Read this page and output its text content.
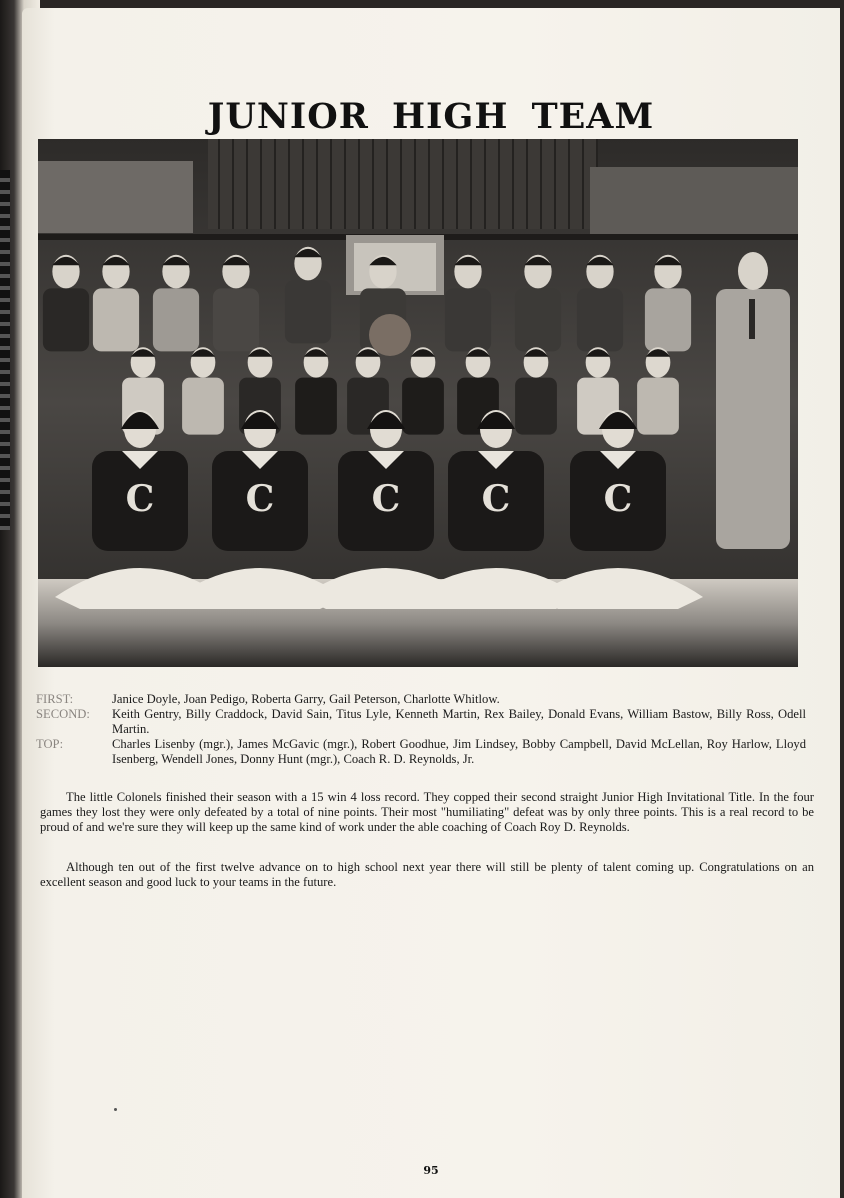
JUNIOR HIGH TEAM
C	C	C C	C
FIRST:	Janice Doyle, Joan Pedigo, Roberta Garry, Gail Peterson, Charlotte Whitlow.
SECOND:	Keith Gentry, Billy Craddock, David Sain, Titus Lyle, Kenneth Martin, Rex Bailey, Donald Evans, William Bastow, Billy Ross, Odell Martin.
TOP:	Charles Lisenby (mgr.), James McGavic (mgr.), Robert Goodhue, Jim Lindsey, Bobby Campbell, David McLellan, Roy Harlow, Lloyd Isenberg, Wendell Jones, Donny Hunt (mgr.), Coach R. D. Reynolds, Jr.

The little Colonels finished their season with a 15 win 4 loss record. They copped their second straight Junior High Invitational Title. In the four games they lost they were only defeated by a total of nine points. Their most "humiliating" defeat was by only three points. This is a real record to be proud of and we're sure they will keep up the same kind of work under the able coaching of Coach Roy D. Reynolds.

Although ten out of the first twelve advance on to high school next year there will still be plenty of talent coming up. Congratulations on an excellent season and good luck to your teams in the future.

95
